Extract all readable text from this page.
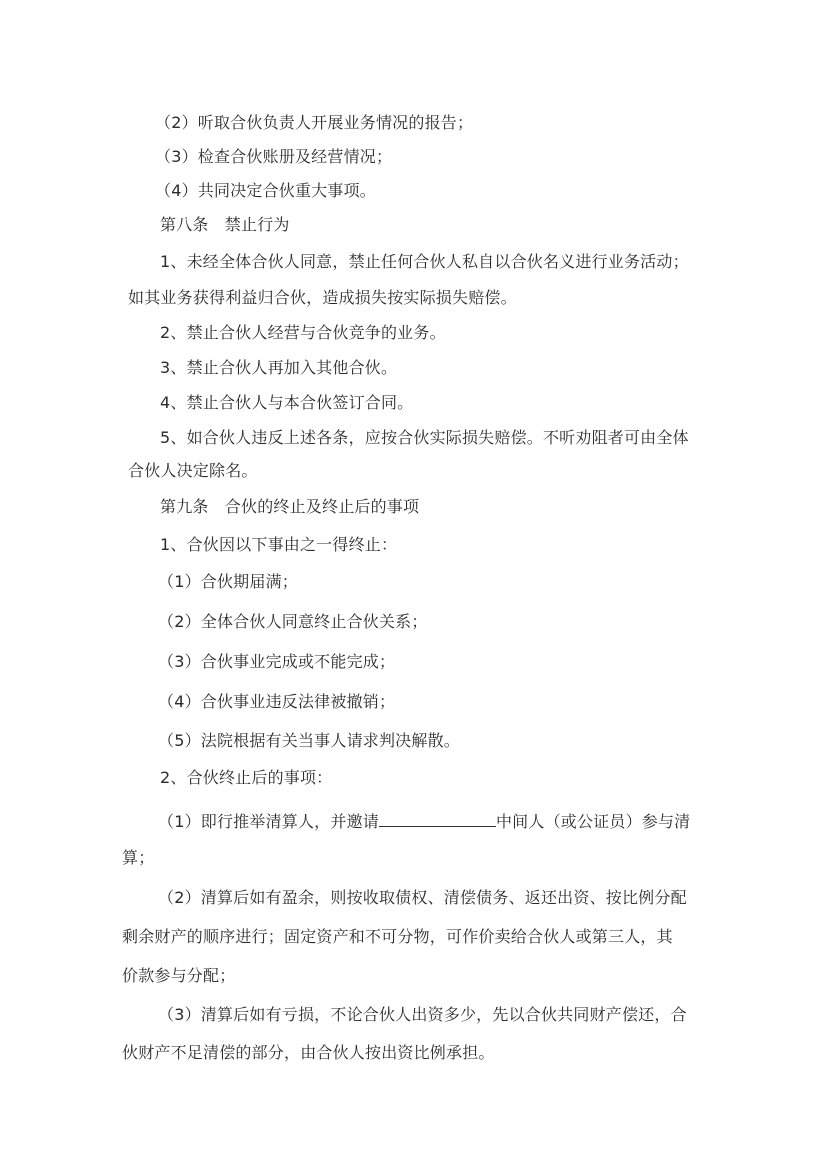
（2）听取合伙负责人开展业务情况的报告；
（3）检查合伙账册及经营情况；
（4）共同决定合伙重大事项。
第八条　禁止行为
1、未经全体合伙人同意，禁止任何合伙人私自以合伙名义进行业务活动；
如其业务获得利益归合伙，造成损失按实际损失赔偿。
2、禁止合伙人经营与合伙竞争的业务。
3、禁止合伙人再加入其他合伙。
4、禁止合伙人与本合伙签订合同。
5、如合伙人违反上述各条，应按合伙实际损失赔偿。不听劝阻者可由全体
合伙人决定除名。
第九条　合伙的终止及终止后的事项
1、合伙因以下事由之一得终止：
（1）合伙期届满；
（2）全体合伙人同意终止合伙关系；
（3）合伙事业完成或不能完成；
（4）合伙事业违反法律被撤销；
（5）法院根据有关当事人请求判决解散。
2、合伙终止后的事项：
（1）即行推举清算人，并邀请	中间人（或公证员）参与清
算；
（2）清算后如有盈余，则按收取债权、清偿债务、返还出资、按比例分配
剩余财产的顺序进行；固定资产和不可分物，可作价卖给合伙人或第三人，其
价款参与分配；
（3）清算后如有亏损，不论合伙人出资多少，先以合伙共同财产偿还，合
伙财产不足清偿的部分，由合伙人按出资比例承担。
